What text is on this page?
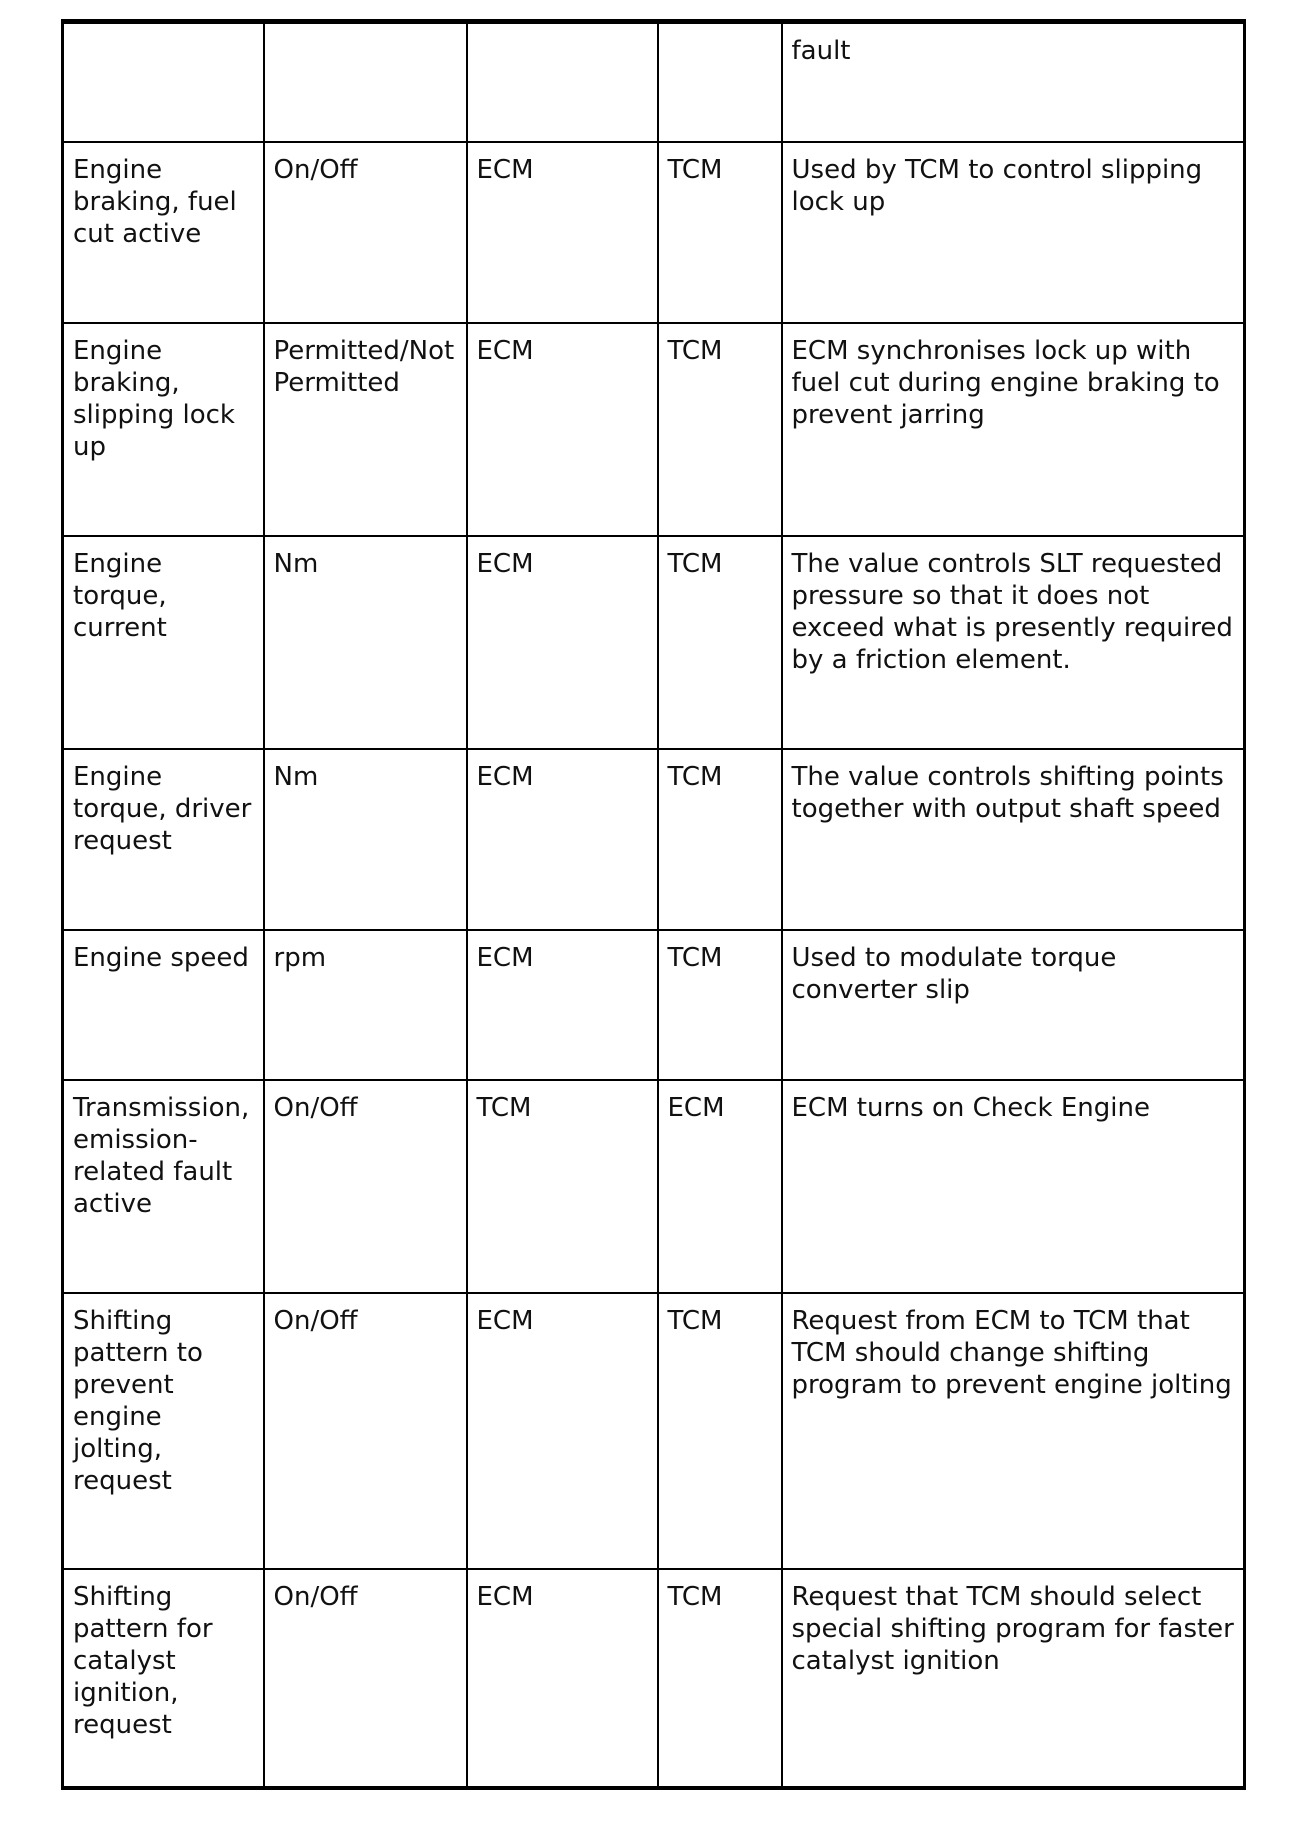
				fault
Engine braking, fuel cut active	On/Off	ECM	TCM	Used by TCM to control slipping lock up
Engine braking, slipping lock up	Permitted/Not Permitted	ECM	TCM	ECM synchronises lock up with fuel cut during engine braking to prevent jarring
Engine torque, current	Nm	ECM	TCM	The value controls SLT requested pressure so that it does not exceed what is presently required by a friction element.
Engine torque, driver request	Nm	ECM	TCM	The value controls shifting points together with output shaft speed
Engine speed	rpm	ECM	TCM	Used to modulate torque converter slip
Transmission, emission-related fault active	On/Off	TCM	ECM	ECM turns on Check Engine
Shifting pattern to prevent engine jolting, request	On/Off	ECM	TCM	Request from ECM to TCM that TCM should change shifting program to prevent engine jolting
Shifting pattern for catalyst ignition, request	On/Off	ECM	TCM	Request that TCM should select special shifting program for faster catalyst ignition
